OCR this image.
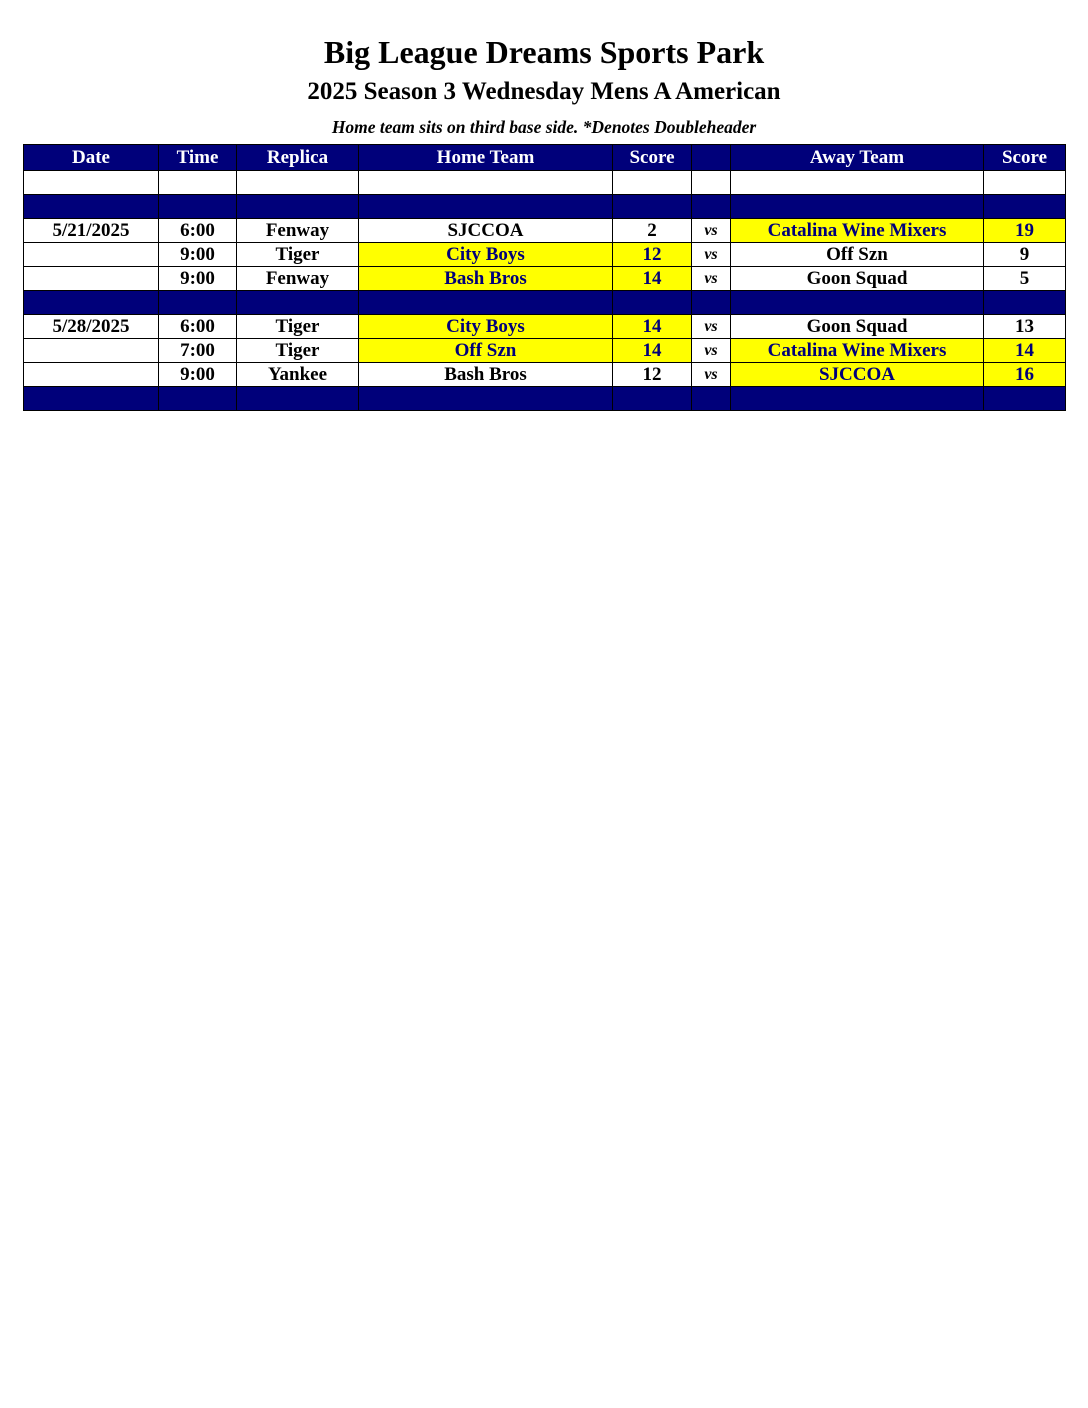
Big League Dreams Sports Park
2025 Season 3 Wednesday Mens A American
Home team sits on third base side. *Denotes Doubleheader
Date	Time	Replica	Home Team	Score		Away Team	Score

5/21/2025	6:00	Fenway	SJCCOA	2	vs	Catalina Wine Mixers	19
	9:00	Tiger	City Boys	12	vs	Off Szn	9
	9:00	Fenway	Bash Bros	14	vs	Goon Squad	5

5/28/2025	6:00	Tiger	City Boys	14	vs	Goon Squad	13
	7:00	Tiger	Off Szn	14	vs	Catalina Wine Mixers	14
	9:00	Yankee	Bash Bros	12	vs	SJCCOA	16
